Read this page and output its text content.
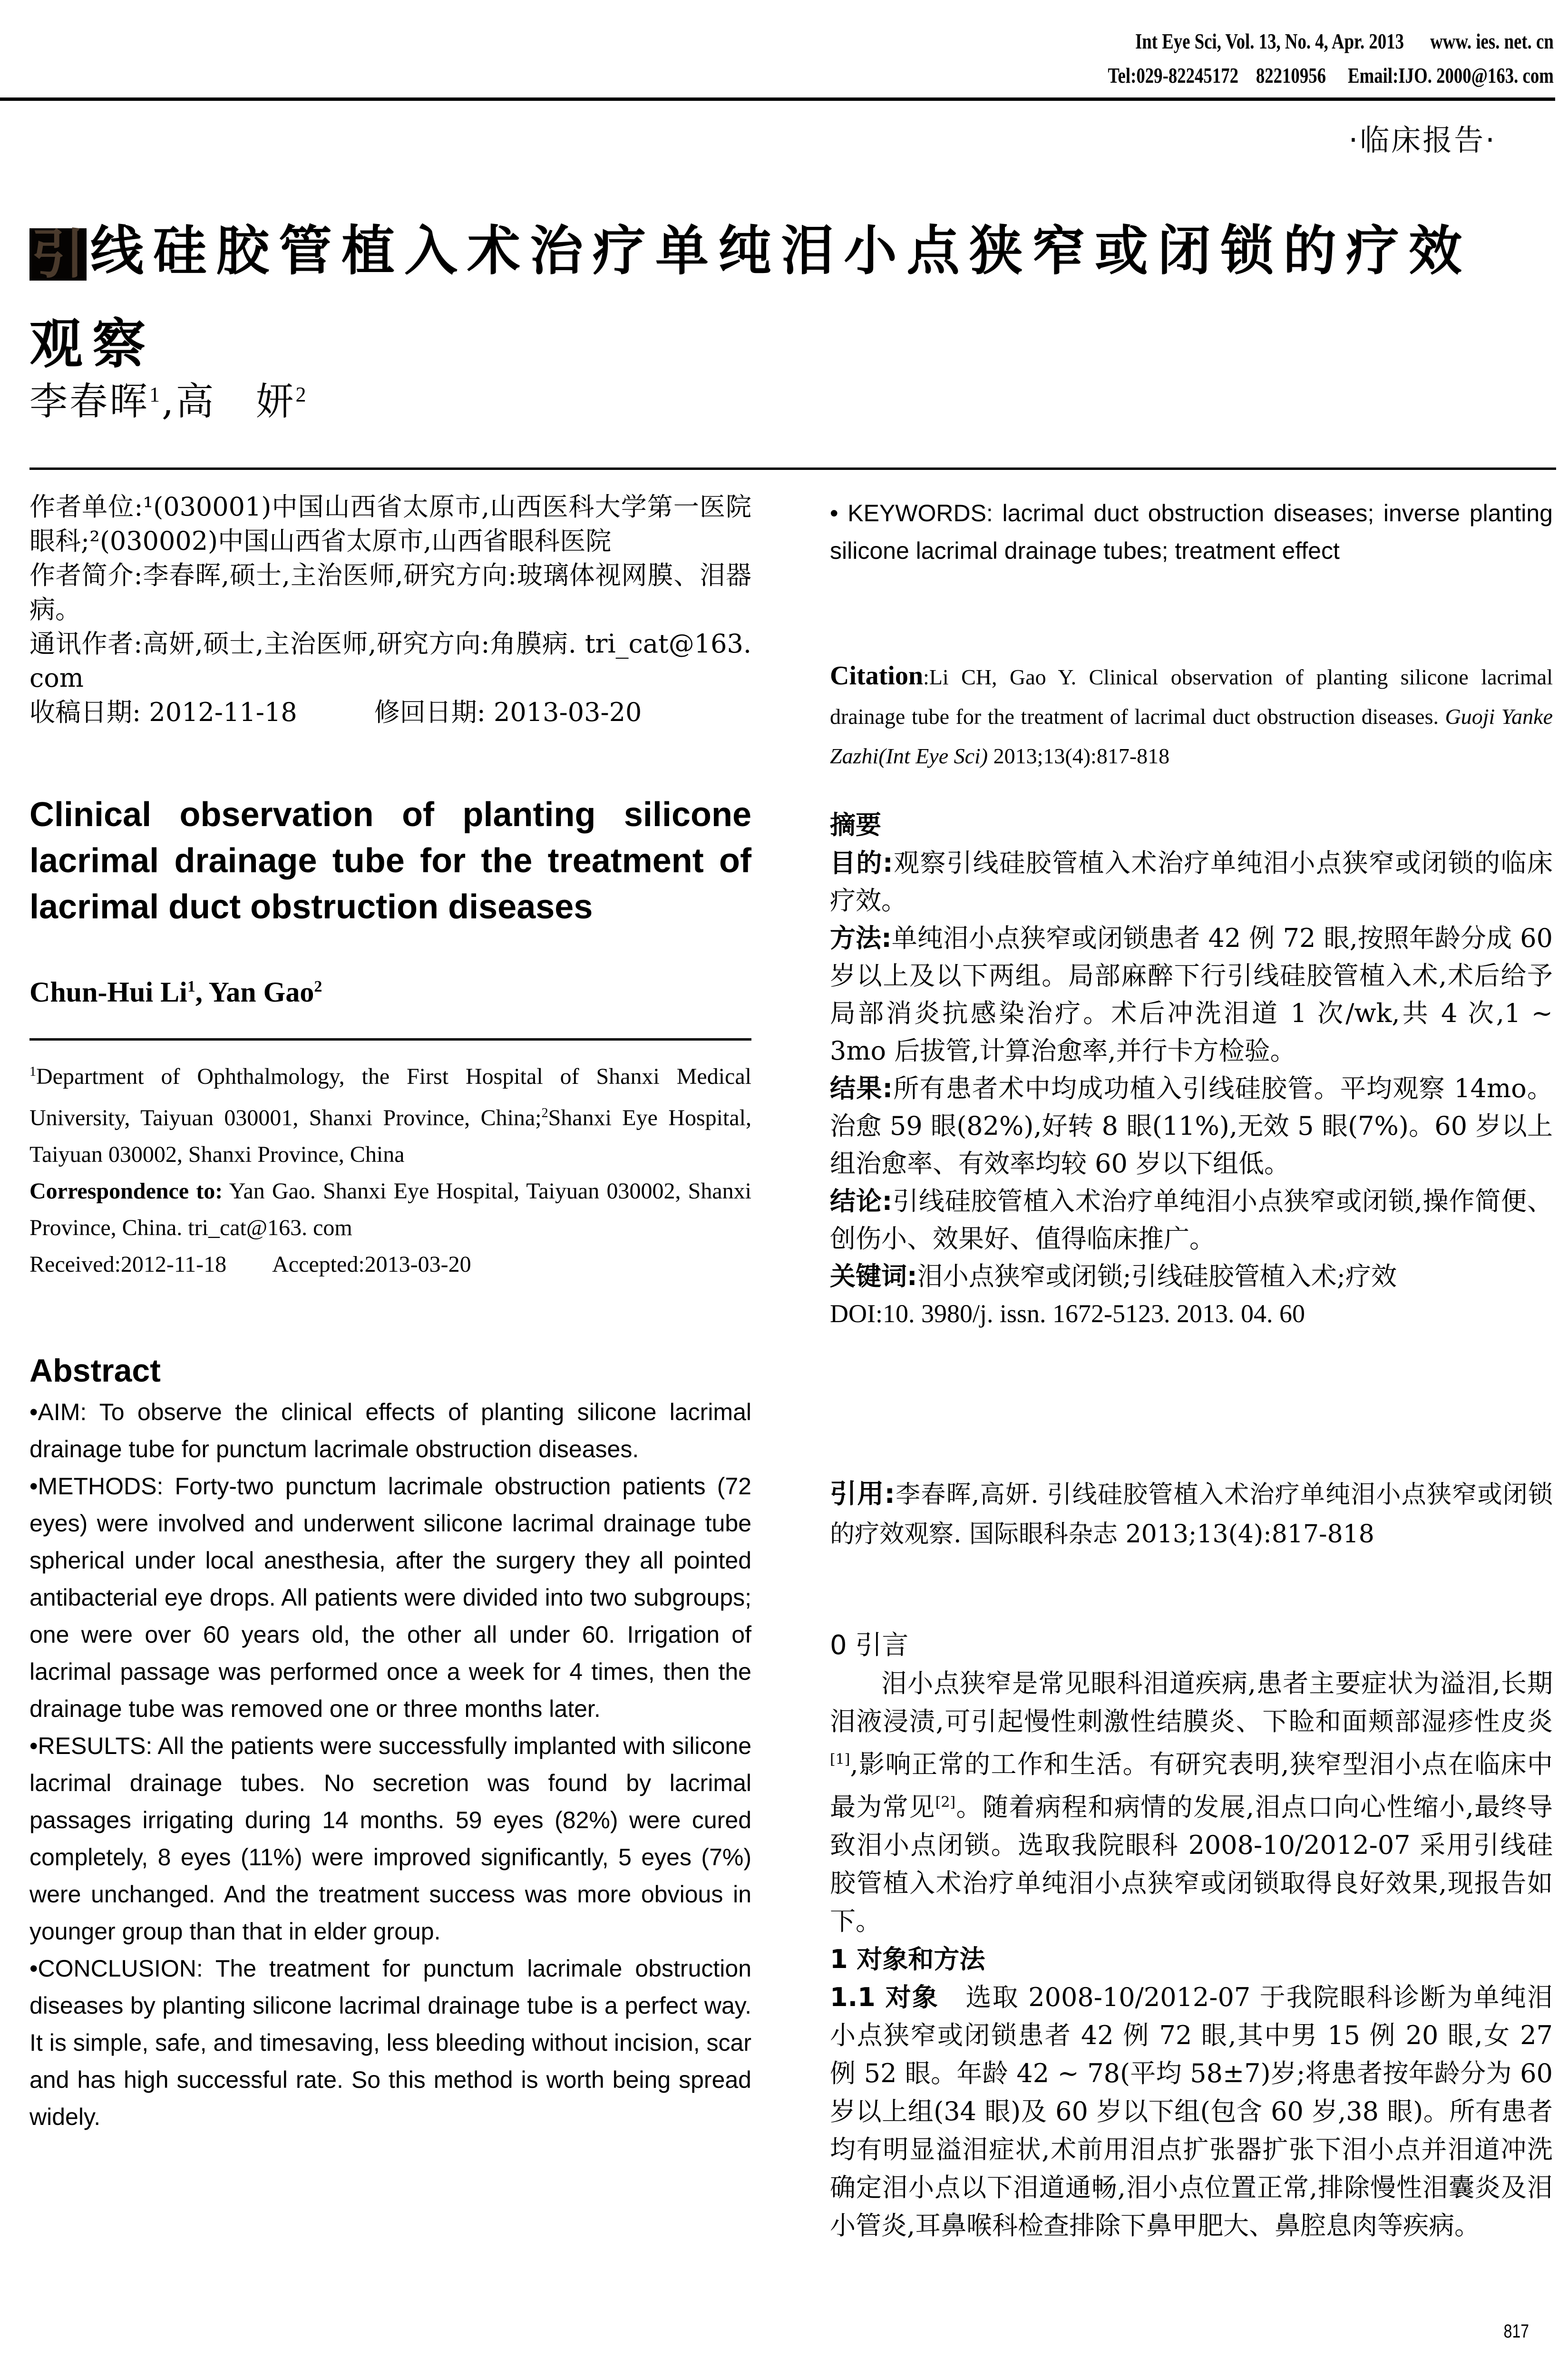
Int Eye Sci, Vol. 13, No. 4, Apr. 2013 www. ies. net. cn
Tel:029-82245172 82210956 Email:IJO. 2000@163. com
·临床报告·
引 线硅胶管植入术治疗单纯泪小点狭窄或闭锁的疗效
观察
李春晖$^1$,高　妍$^2$

作者单位:¹(030001)中国山西省太原市,山西医科大学第一医院眼科;²(030002)中国山西省太原市,山西省眼科医院

作者简介:李春晖,硕士,主治医师,研究方向:玻璃体视网膜、泪器病。

通讯作者:高妍,硕士,主治医师,研究方向:角膜病. tri_cat@163. com

收稿日期: 2012-11-18　　　修回日期: 2013-03-20

Clinical observation of planting silicone lacrimal drainage tube for the treatment of lacrimal duct obstruction diseases
Chun-Hui Li$^1$, Yan Gao$^2$

$^1$Department of Ophthalmology, the First Hospital of Shanxi Medical University, Taiyuan 030001, Shanxi Province, China;$^2$Shanxi Eye Hospital, Taiyuan 030002, Shanxi Province, China

Correspondence to: Yan Gao. Shanxi Eye Hospital, Taiyuan 030002, Shanxi Province, China. tri_cat@163. com

Received:2012-11-18　　Accepted:2013-03-20

Abstract

•AIM: To observe the clinical effects of planting silicone lacrimal drainage tube for punctum lacrimale obstruction diseases.

•METHODS: Forty-two punctum lacrimale obstruction patients (72 eyes) were involved and underwent silicone lacrimal drainage tube spherical under local anesthesia, after the surgery they all pointed antibacterial eye drops. All patients were divided into two subgroups; one were over 60 years old, the other all under 60. Irrigation of lacrimal passage was performed once a week for 4 times, then the drainage tube was removed one or three months later.

•RESULTS: All the patients were successfully implanted with silicone lacrimal drainage tubes. No secretion was found by lacrimal passages irrigating during 14 months. 59 eyes (82%) were cured completely, 8 eyes (11%) were improved significantly, 5 eyes (7%) were unchanged. And the treatment success was more obvious in younger group than that in elder group.

•CONCLUSION: The treatment for punctum lacrimale obstruction diseases by planting silicone lacrimal drainage tube is a perfect way. It is simple, safe, and timesaving, less bleeding without incision, scar and has high successful rate. So this method is worth being spread widely.

• KEYWORDS: lacrimal duct obstruction diseases; inverse planting silicone lacrimal drainage tubes; treatment effect
Citation:Li CH, Gao Y. Clinical observation of planting silicone lacrimal drainage tube for the treatment of lacrimal duct obstruction diseases. Guoji Yanke Zazhi(Int Eye Sci) 2013;13(4):817-818
摘要

目的:观察引线硅胶管植入术治疗单纯泪小点狭窄或闭锁的临床疗效。

方法:单纯泪小点狭窄或闭锁患者 42 例 72 眼,按照年龄分成 60 岁以上及以下两组。局部麻醉下行引线硅胶管植入术,术后给予局部消炎抗感染治疗。术后冲洗泪道 1 次/wk,共 4 次,1 ~ 3mo 后拔管,计算治愈率,并行卡方检验。

结果:所有患者术中均成功植入引线硅胶管。平均观察 14mo。治愈 59 眼(82%),好转 8 眼(11%),无效 5 眼(7%)。60 岁以上组治愈率、有效率均较 60 岁以下组低。

结论:引线硅胶管植入术治疗单纯泪小点狭窄或闭锁,操作简便、创伤小、效果好、值得临床推广。

关键词:泪小点狭窄或闭锁;引线硅胶管植入术;疗效

DOI:10. 3980/j. issn. 1672-5123. 2013. 04. 60

引用:李春晖,高妍. 引线硅胶管植入术治疗单纯泪小点狭窄或闭锁的疗效观察. 国际眼科杂志 2013;13(4):817-818
0 引言

泪小点狭窄是常见眼科泪道疾病,患者主要症状为溢泪,长期泪液浸渍,可引起慢性刺激性结膜炎、下睑和面颊部湿疹性皮炎[1],影响正常的工作和生活。有研究表明,狭窄型泪小点在临床中最为常见[2]。随着病程和病情的发展,泪点口向心性缩小,最终导致泪小点闭锁。选取我院眼科 2008-10/2012-07 采用引线硅胶管植入术治疗单纯泪小点狭窄或闭锁取得良好效果,现报告如下。

1 对象和方法

1.1 对象　选取 2008-10/2012-07 于我院眼科诊断为单纯泪小点狭窄或闭锁患者 42 例 72 眼,其中男 15 例 20 眼,女 27 例 52 眼。年龄 42 ~ 78(平均 58±7)岁;将患者按年龄分为 60 岁以上组(34 眼)及 60 岁以下组(包含 60 岁,38 眼)。所有患者均有明显溢泪症状,术前用泪点扩张器扩张下泪小点并泪道冲洗确定泪小点以下泪道通畅,泪小点位置正常,排除慢性泪囊炎及泪小管炎,耳鼻喉科检查排除下鼻甲肥大、鼻腔息肉等疾病。

817
